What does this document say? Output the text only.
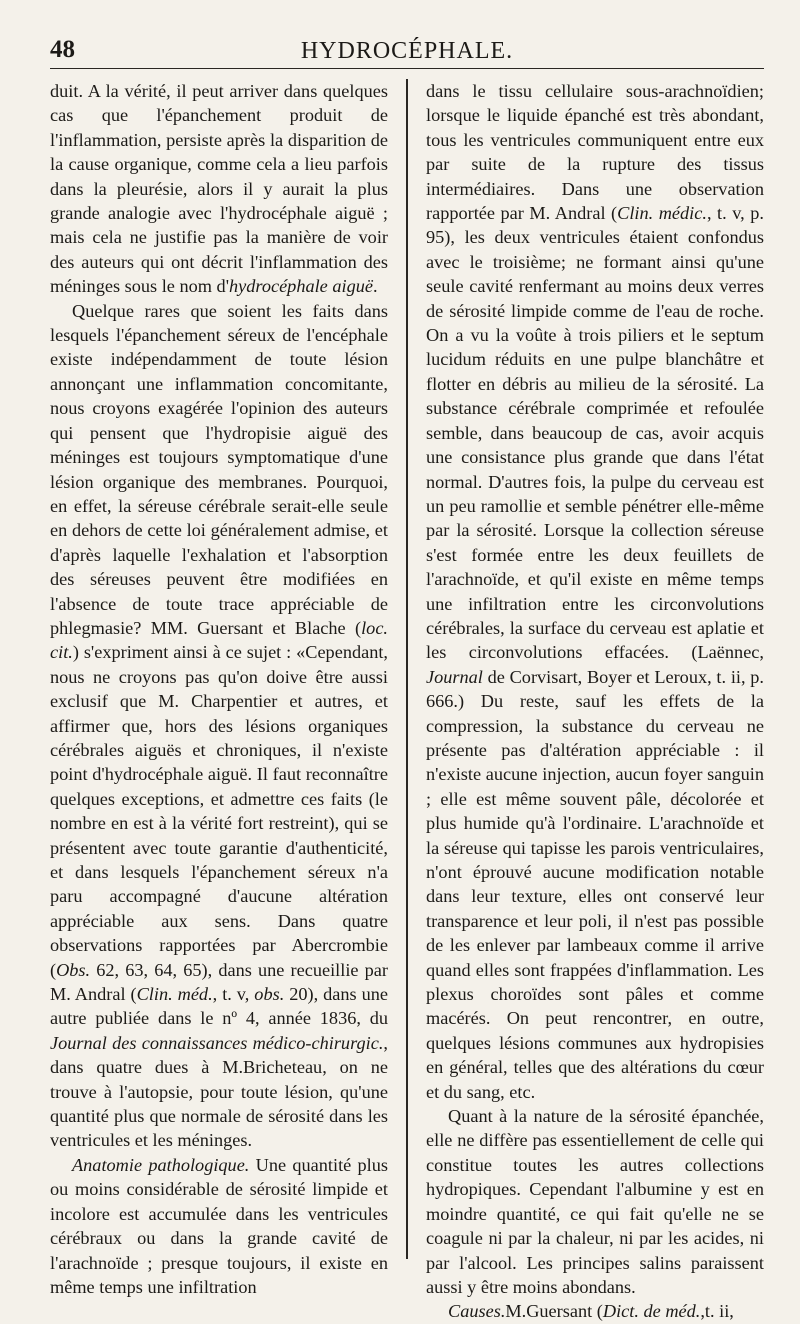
48	HYDROCÉPHALE.

duit. A la vérité, il peut arriver dans quelques cas que l'épanchement produit de l'inflammation, persiste après la disparition de la cause organique, comme cela a lieu parfois dans la pleurésie, alors il y aurait la plus grande analogie avec l'hydrocéphale aiguë ; mais cela ne justifie pas la manière de voir des auteurs qui ont décrit l'inflammation des méninges sous le nom d'hydrocéphale aiguë.

Quelque rares que soient les faits dans lesquels l'épanchement séreux de l'encéphale existe indépendamment de toute lésion annonçant une inflammation concomitante, nous croyons exagérée l'opinion des auteurs qui pensent que l'hydropisie aiguë des méninges est toujours symptomatique d'une lésion organique des membranes. Pourquoi, en effet, la séreuse cérébrale serait-elle seule en dehors de cette loi généralement admise, et d'après laquelle l'exhalation et l'absorption des séreuses peuvent être modifiées en l'absence de toute trace appréciable de phlegmasie? MM. Guersant et Blache (loc. cit.) s'expriment ainsi à ce sujet : «Cependant, nous ne croyons pas qu'on doive être aussi exclusif que M. Charpentier et autres, et affirmer que, hors des lésions organiques cérébrales aiguës et chroniques, il n'existe point d'hydrocéphale aiguë. Il faut reconnaître quelques exceptions, et admettre ces faits (le nombre en est à la vérité fort restreint), qui se présentent avec toute garantie d'authenticité, et dans lesquels l'épanchement séreux n'a paru accompagné d'aucune altération appréciable aux sens. Dans quatre observations rapportées par Abercrombie (Obs. 62, 63, 64, 65), dans une recueillie par M. Andral (Clin. méd., t. v, obs. 20), dans une autre publiée dans le nº 4, année 1836, du Journal des connaissances médico-chirurgic., dans quatre dues à M.Bricheteau, on ne trouve à l'autopsie, pour toute lésion, qu'une quantité plus que normale de sérosité dans les ventricules et les méninges.

Anatomie pathologique. Une quantité plus ou moins considérable de sérosité limpide et incolore est accumulée dans les ventricules cérébraux ou dans la grande cavité de l'arachnoïde ; presque toujours, il existe en même temps une infiltration

dans le tissu cellulaire sous-arachnoïdien; lorsque le liquide épanché est très abondant, tous les ventricules communiquent entre eux par suite de la rupture des tissus intermédiaires. Dans une observation rapportée par M. Andral (Clin. médic., t. v, p. 95), les deux ventricules étaient confondus avec le troisième; ne formant ainsi qu'une seule cavité renfermant au moins deux verres de sérosité limpide comme de l'eau de roche. On a vu la voûte à trois piliers et le septum lucidum réduits en une pulpe blanchâtre et flotter en débris au milieu de la sérosité. La substance cérébrale comprimée et refoulée semble, dans beaucoup de cas, avoir acquis une consistance plus grande que dans l'état normal. D'autres fois, la pulpe du cerveau est un peu ramollie et semble pénétrer elle-même par la sérosité. Lorsque la collection séreuse s'est formée entre les deux feuillets de l'arachnoïde, et qu'il existe en même temps une infiltration entre les circonvolutions cérébrales, la surface du cerveau est aplatie et les circonvolutions effacées. (Laënnec, Journal de Corvisart, Boyer et Leroux, t. ii, p. 666.) Du reste, sauf les effets de la compression, la substance du cerveau ne présente pas d'altération appréciable : il n'existe aucune injection, aucun foyer sanguin ; elle est même souvent pâle, décolorée et plus humide qu'à l'ordinaire. L'arachnoïde et la séreuse qui tapisse les parois ventriculaires, n'ont éprouvé aucune modification notable dans leur texture, elles ont conservé leur transparence et leur poli, il n'est pas possible de les enlever par lambeaux comme il arrive quand elles sont frappées d'inflammation. Les plexus choroïdes sont pâles et comme macérés. On peut rencontrer, en outre, quelques lésions communes aux hydropisies en général, telles que des altérations du cœur et du sang, etc.

Quant à la nature de la sérosité épanchée, elle ne diffère pas essentiellement de celle qui constitue toutes les autres collections hydropiques. Cependant l'albumine y est en moindre quantité, ce qui fait qu'elle ne se coagule ni par la chaleur, ni par les acides, ni par l'alcool. Les principes salins paraissent aussi y être moins abondans.

Causes.M.Guersant (Dict. de méd.,t. ii,
